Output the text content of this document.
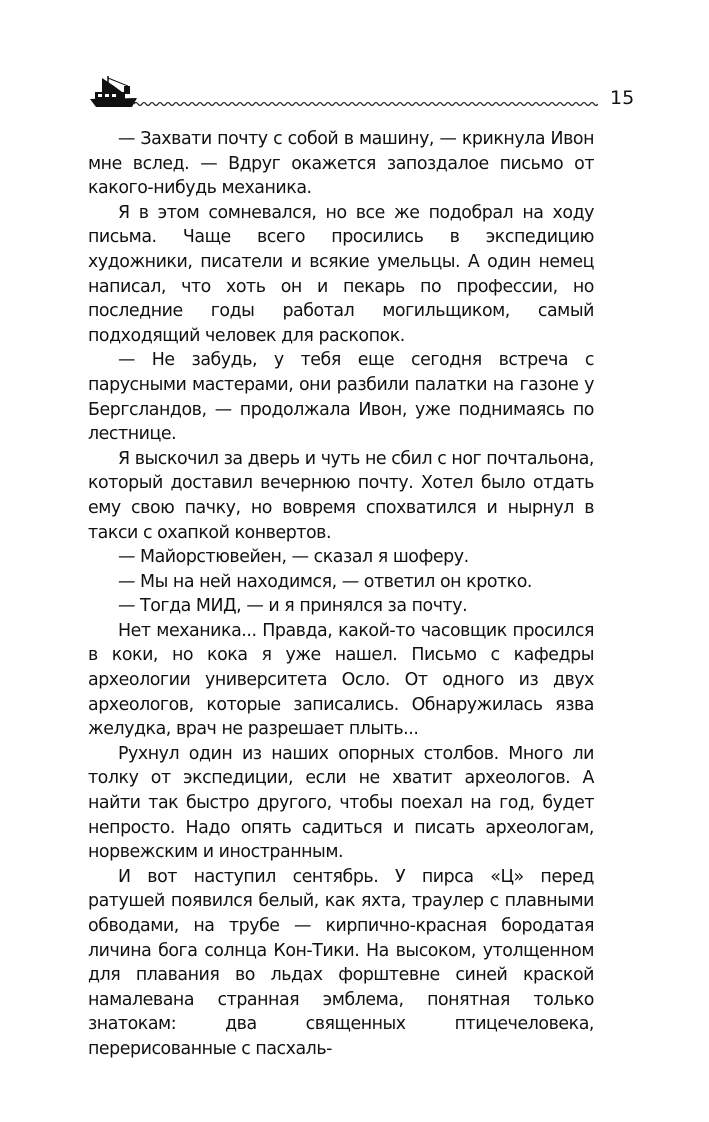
15

— Захвати почту с собой в машину, — крикнула Ивон мне вслед. — Вдруг окажется запоздалое письмо от какого-нибудь механика.

Я в этом сомневался, но все же подобрал на ходу письма. Чаще всего просились в экспедицию художники, писатели и всякие умельцы. А один немец написал, что хоть он и пекарь по профессии, но последние годы работал могильщиком, самый подходящий человек для раскопок.

— Не забудь, у тебя еще сегодня встреча с парусными мастерами, они разбили палатки на газоне у Бергсландов, — продолжала Ивон, уже поднимаясь по лестнице.

Я выскочил за дверь и чуть не сбил с ног почтальона, который доставил вечернюю почту. Хотел было отдать ему свою пачку, но вовремя спохватился и нырнул в такси с охапкой конвертов.

— Майорстювейен, — сказал я шоферу.

— Мы на ней находимся, — ответил он кротко.

— Тогда МИД, — и я принялся за почту.

Нет механика... Правда, какой-то часовщик просился в коки, но кока я уже нашел. Письмо с кафедры археологии университета Осло. От одного из двух археологов, которые записались. Обнаружилась язва желудка, врач не разрешает плыть...

Рухнул один из наших опорных столбов. Много ли толку от экспедиции, если не хватит археологов. А найти так быстро другого, чтобы поехал на год, будет непросто. Надо опять садиться и писать археологам, норвежским и иностранным.

И вот наступил сентябрь. У пирса «Ц» перед ратушей появился белый, как яхта, траулер с плавными обводами, на трубе — кирпично-красная бородатая личина бога солнца Кон-Тики. На высоком, утолщенном для плавания во льдах форштевне синей краской намалевана странная эмблема, понятная только знатокам: два священных птицечеловека, перерисованные с пасхаль-
